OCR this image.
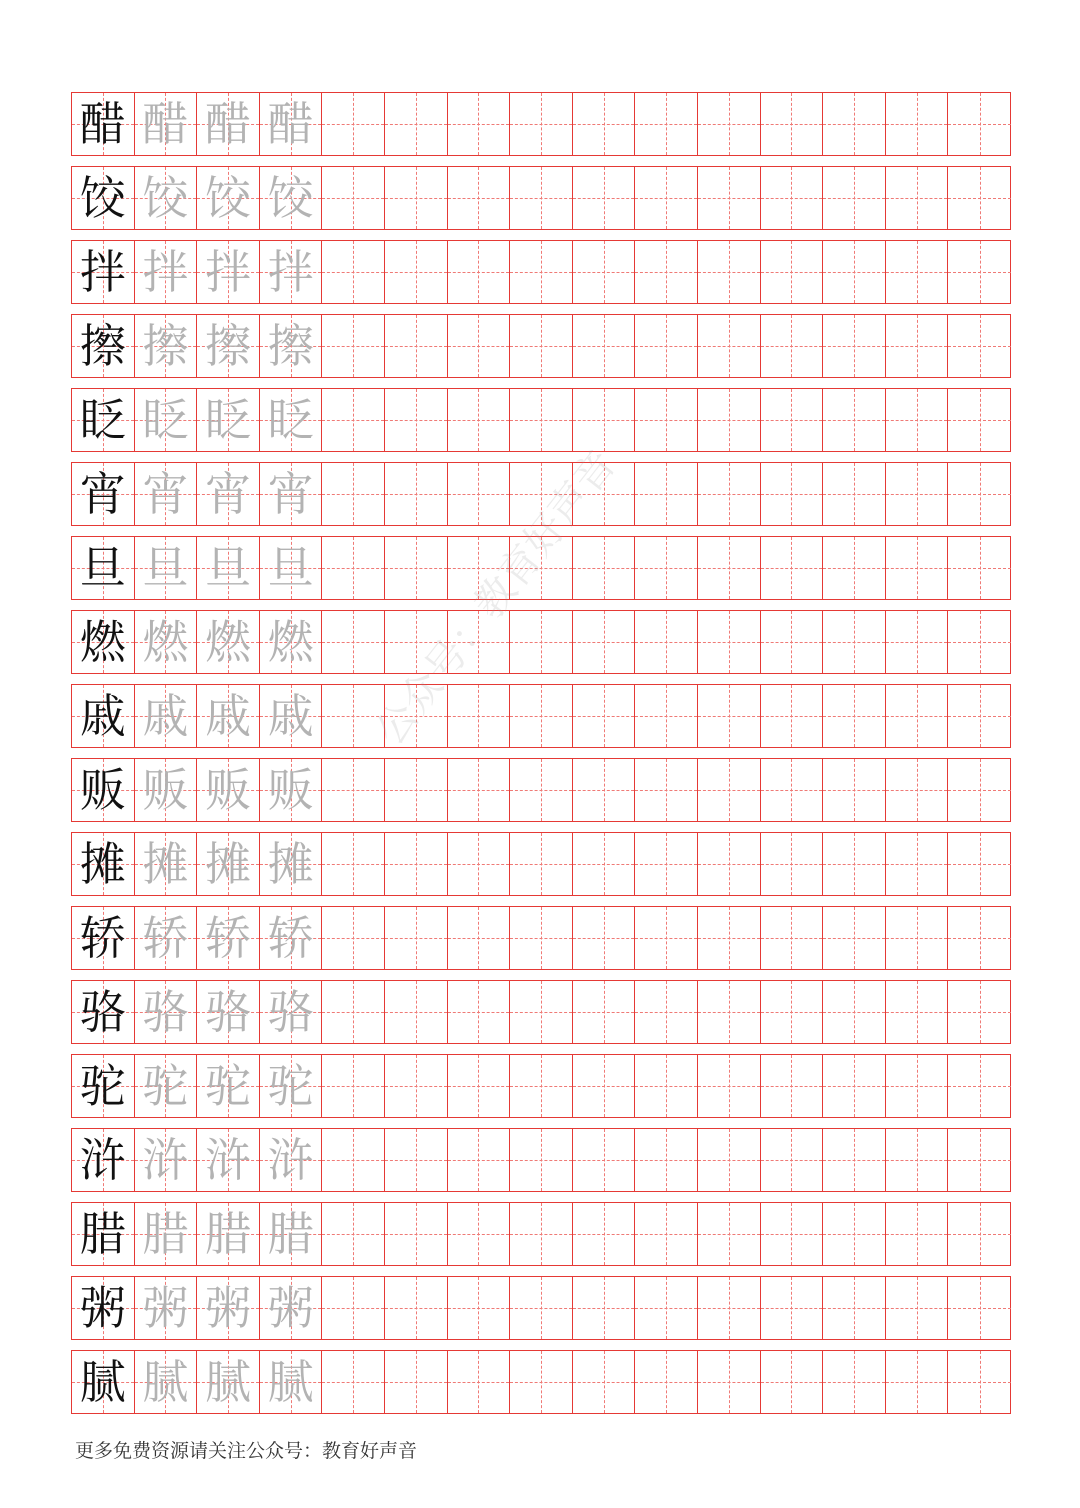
醋 醋 醋 醋
饺 饺 饺 饺
拌 拌 拌 拌
擦 擦 擦 擦
眨 眨 眨 眨
宵 宵 宵 宵
旦 旦 旦 旦
燃 燃 燃 燃
戚 戚 戚 戚
贩 贩 贩 贩
摊 摊 摊 摊
轿 轿 轿 轿
骆 骆 骆 骆
驼 驼 驼 驼
浒 浒 浒 浒
腊 腊 腊 腊
粥 粥 粥 粥
腻 腻 腻 腻
公众号：教育好声音
更多免费资源请关注公众号：教育好声音
